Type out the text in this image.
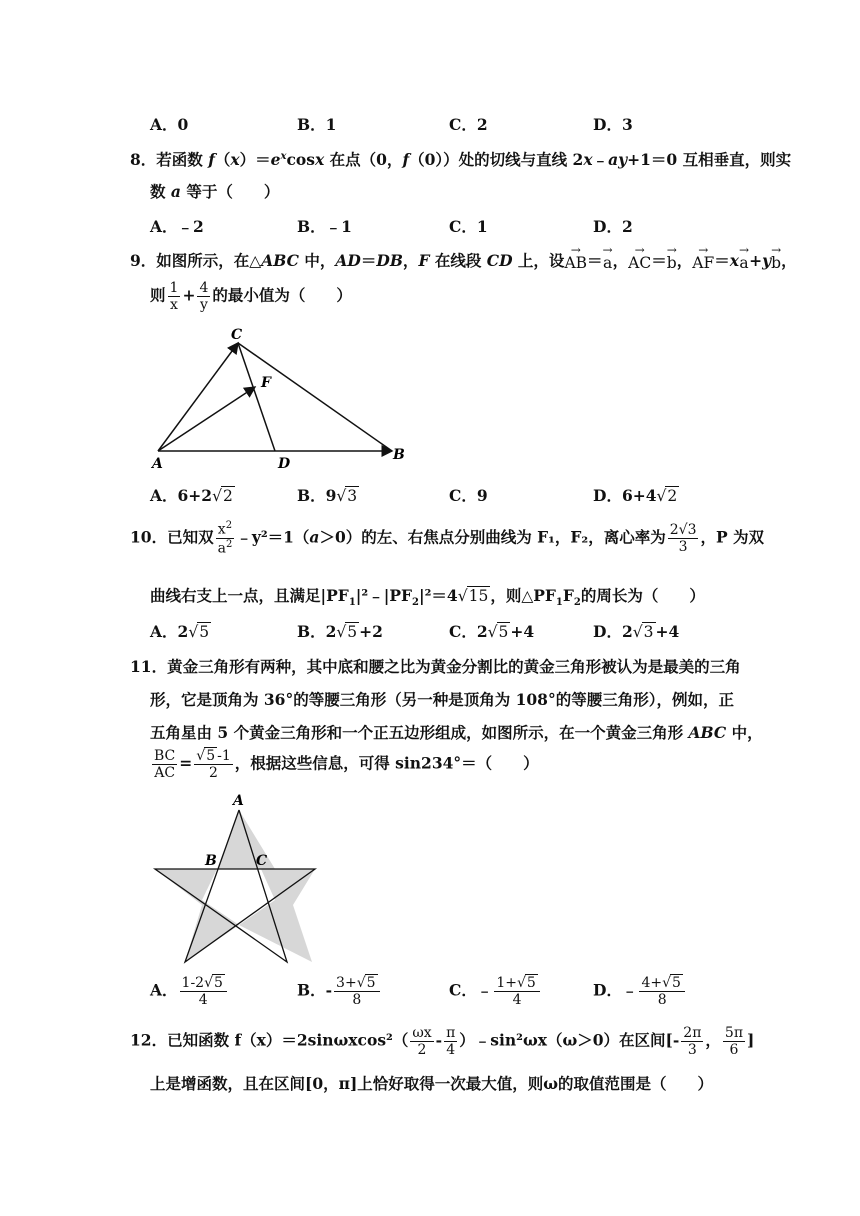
A．0	B．1	C．2	D．3
8．若函数 $f(x)=e^x\cos x$ 在点（0，f（0））处的切线与直线 2x﹣ay+1＝0 互相垂直，则实
数 a 等于（　　）
A．﹣2	B．﹣1	C．1	D．2
9．如图所示，在△ABC 中，AD＝DB，F 在线段 CD 上，设
→
AB ＝
→
a ，
→
AC ＝
→
b ，
→
AF ＝x
→
a +y
→
b ，
则 $\frac{1}{x} + \frac{4}{y}$ 的最小值为（　　）
C
F
A	D
B
A．6+2√2	B．9√3	C．9	D．6+4√2
10．已知双 $\frac{x^2}{a^2}$ ﹣y²＝1（a＞0）的左、右焦点分别曲线为 F₁，F₂，离心率为 $\frac{2√3}{3}$ ，P 为双
曲线右支上一点，且满足$|PF_1|^2﹣|PF_2|^2=4√15$ ，则$\triangle PF_1F_2$的周长为（　　）
A．2√5	B．2√5 +2	C．2√5 +4	D．2√3 +4
11．黄金三角形有两种，其中底和腰之比为黄金分割比的黄金三角形被认为是最美的三角
形，它是顶角为 36°的等腰三角形（另一种是顶角为 108°的等腰三角形），例如，正
五角星由 5 个黄金三角形和一个正五边形组成，如图所示，在一个黄金三角形 ABC 中，
$\frac{BC}{AC} = \frac{√5 -1}{2}$ ，根据这些信息，可得 sin234°＝（　　）
A
B	C
A． $\frac{1-2√5}{4}$	B．- $\frac{3+√5}{8}$	C．﹣ $\frac{1+√5}{4}$	D．﹣ $\frac{4+√5}{8}$
12．已知函数 $f(x)=2\sin\omega xcos^2( \frac{\omega x}{2} - \frac{\pi}{4}$ ）﹣sin²ωx（ω＞0）在区间[- $\frac{2\pi}{3}$ ， $\frac{5\pi}{6}$ ]
上是增函数，且在区间[0，π]上恰好取得一次最大值，则ω的取值范围是（　　）
